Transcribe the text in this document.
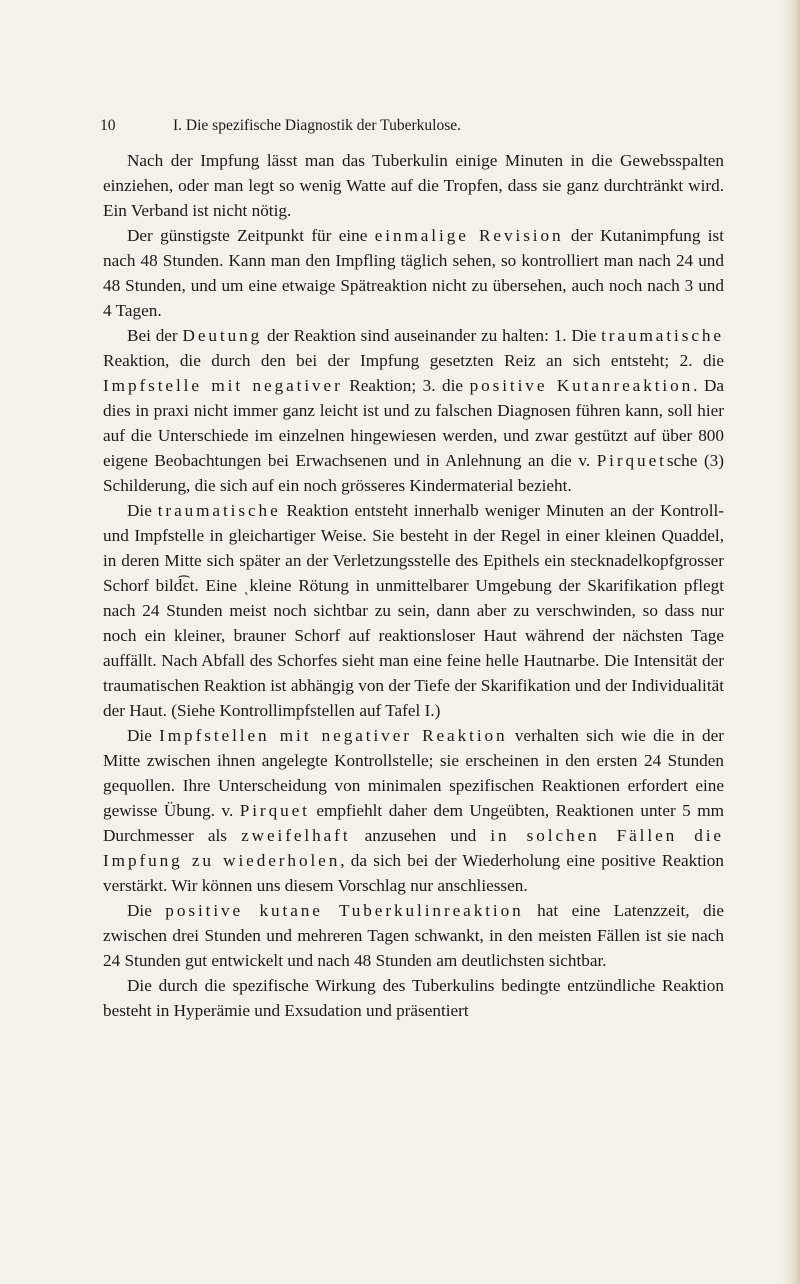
10	I. Die spezifische Diagnostik der Tuberkulose.

Nach der Impfung lässt man das Tuberkulin einige Minuten in die Gewebsspalten einziehen, oder man legt so wenig Watte auf die Tropfen, dass sie ganz durchtränkt wird. Ein Verband ist nicht nötig.

Der günstigste Zeitpunkt für eine einmalige Revision der Kutanimpfung ist nach 48 Stunden. Kann man den Impfling täglich sehen, so kontrolliert man nach 24 und 48 Stunden, und um eine etwaige Spätreaktion nicht zu übersehen, auch noch nach 3 und 4 Tagen.

Bei der Deutung der Reaktion sind auseinander zu halten: 1. Die traumatische Reaktion, die durch den bei der Impfung gesetzten Reiz an sich entsteht; 2. die Impfstelle mit negativer Reaktion; 3. die positive Kutanreaktion. Da dies in praxi nicht immer ganz leicht ist und zu falschen Diagnosen führen kann, soll hier auf die Unterschiede im einzelnen hingewiesen werden, und zwar gestützt auf über 800 eigene Beobachtungen bei Erwachsenen und in Anlehnung an die v. Pirquetsche (3) Schilderung, die sich auf ein noch grösseres Kindermaterial bezieht.

Die traumatische Reaktion entsteht innerhalb weniger Minuten an der Kontroll- und Impfstelle in gleichartiger Weise. Sie besteht in der Regel in einer kleinen Quaddel, in deren Mitte sich später an der Verletzungsstelle des Epithels ein stecknadelkopfgrosser Schorf bild͡ɛt. Eine ͺkleine Rötung in unmittelbarer Umgebung der Skarifikation pflegt nach 24 Stunden meist noch sichtbar zu sein, dann aber zu verschwinden, so dass nur noch ein kleiner, brauner Schorf auf reaktionsloser Haut während der nächsten Tage auffällt. Nach Abfall des Schorfes sieht man eine feine helle Hautnarbe. Die Intensität der traumatischen Reaktion ist abhängig von der Tiefe der Skarifikation und der Individualität der Haut. (Siehe Kontrollimpfstellen auf Tafel I.)

Die Impfstellen mit negativer Reaktion verhalten sich wie die in der Mitte zwischen ihnen angelegte Kontrollstelle; sie erscheinen in den ersten 24 Stunden gequollen. Ihre Unterscheidung von minimalen spezifischen Reaktionen erfordert eine gewisse Übung. v. Pirquet empfiehlt daher dem Ungeübten, Reaktionen unter 5 mm Durchmesser als zweifelhaft anzusehen und in solchen Fällen die Impfung zu wiederholen, da sich bei der Wiederholung eine positive Reaktion verstärkt. Wir können uns diesem Vorschlag nur anschliessen.

Die positive kutane Tuberkulinreaktion hat eine Latenzzeit, die zwischen drei Stunden und mehreren Tagen schwankt, in den meisten Fällen ist sie nach 24 Stunden gut entwickelt und nach 48 Stunden am deutlichsten sichtbar.

Die durch die spezifische Wirkung des Tuberkulins bedingte entzündliche Reaktion besteht in Hyperämie und Exsudation und präsentiert
